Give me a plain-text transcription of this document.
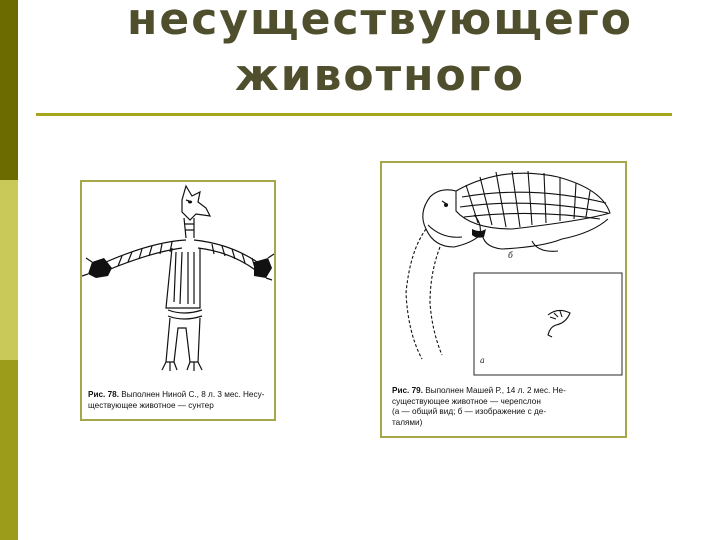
несуществующего
животного
Рис. 78. Выполнен Ниной С., 8 л. 3 мес. Несу-
ществующее животное — сунтер
б
а
Рис. 79. Выполнен Машей Р., 14 л. 2 мес. Не-
существующее животное — черепслон
(а — общий вид; б — изображение с де-
талями)
